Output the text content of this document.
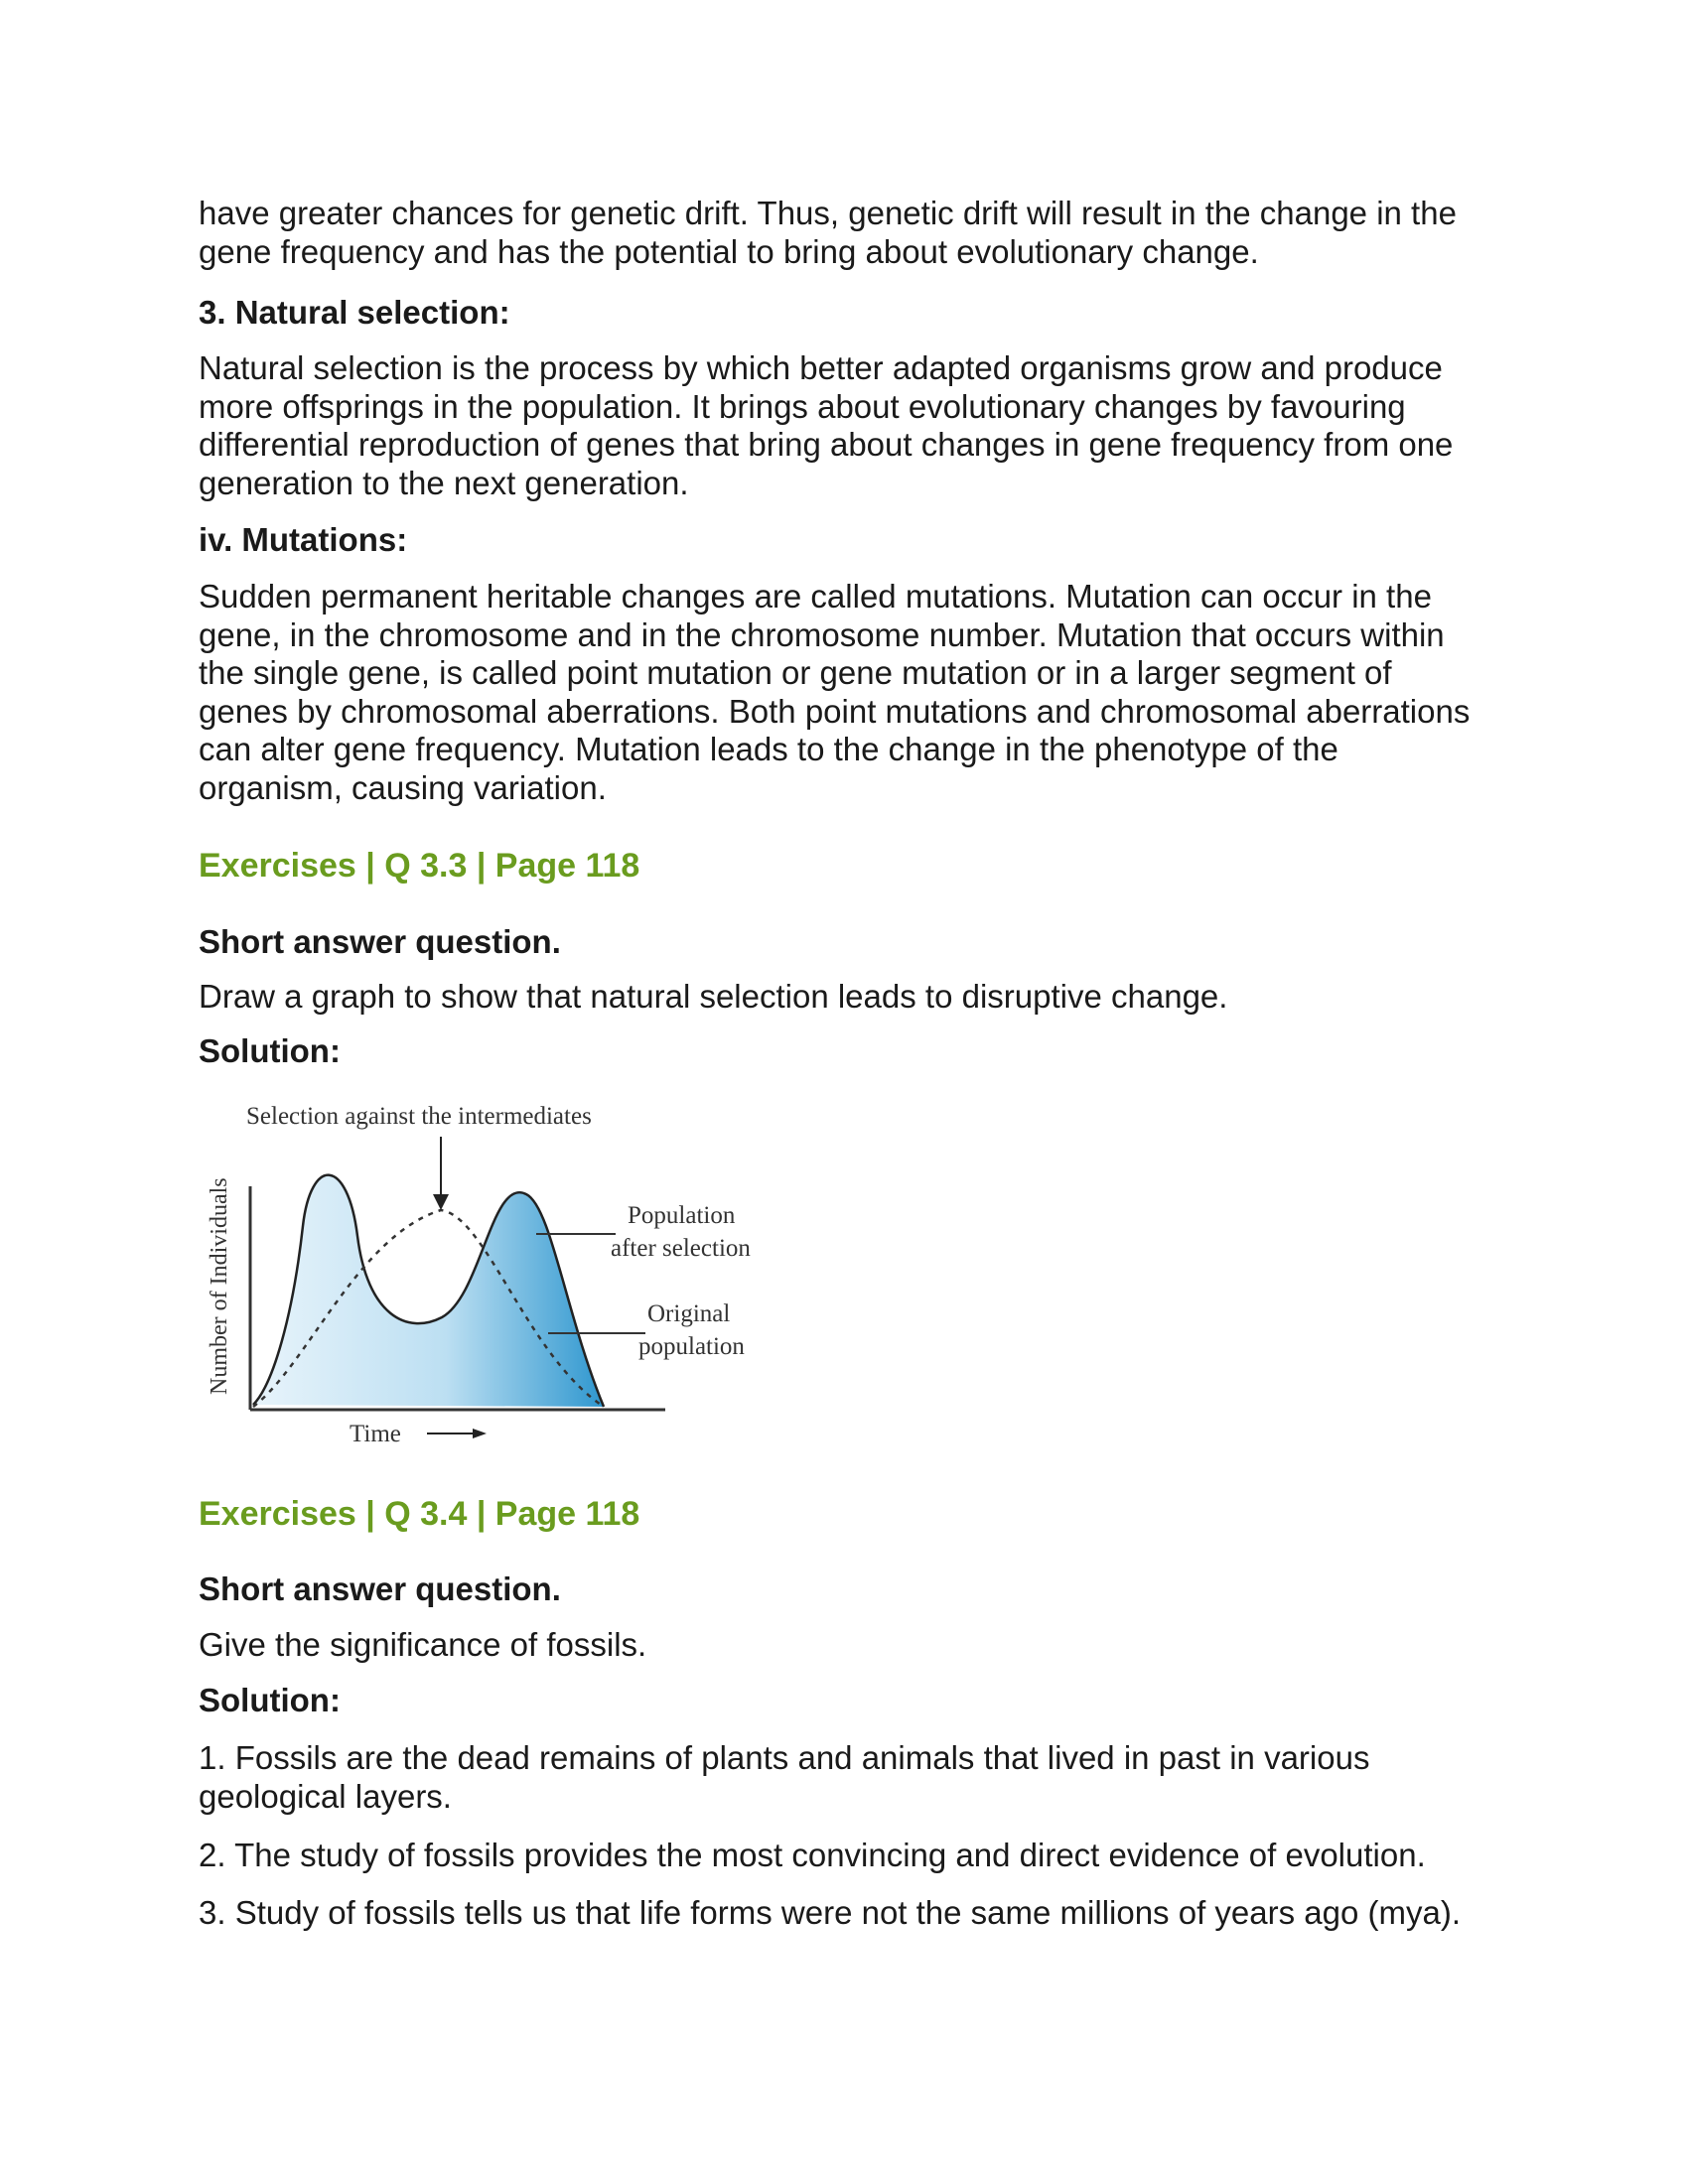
have greater chances for genetic drift. Thus, genetic drift will result in the change in the gene frequency and has the potential to bring about evolutionary change.

3. Natural selection:

Natural selection is the process by which better adapted organisms grow and produce more offsprings in the population. It brings about evolutionary changes by favouring differential reproduction of genes that bring about changes in gene frequency from one generation to the next generation.

iv. Mutations:

Sudden permanent heritable changes are called mutations. Mutation can occur in the gene, in the chromosome and in the chromosome number. Mutation that occurs within the single gene, is called point mutation or gene mutation or in a larger segment of genes by chromosomal aberrations. Both point mutations and chromosomal aberrations can alter gene frequency. Mutation leads to the change in the phenotype of the organism, causing variation.

Exercises | Q 3.3 | Page 118
Short answer question.

Draw a graph to show that natural selection leads to disruptive change.

Solution:
Exercises | Q 3.4 | Page 118
Short answer question.

Give the significance of fossils.

Solution:

1. Fossils are the dead remains of plants and animals that lived in past in various geological layers.

2. The study of fossils provides the most convincing and direct evidence of evolution.

3. Study of fossils tells us that life forms were not the same millions of years ago (mya).

Selection against the intermediates
Number of Individuals
Time
Population
after selection
Original
population
